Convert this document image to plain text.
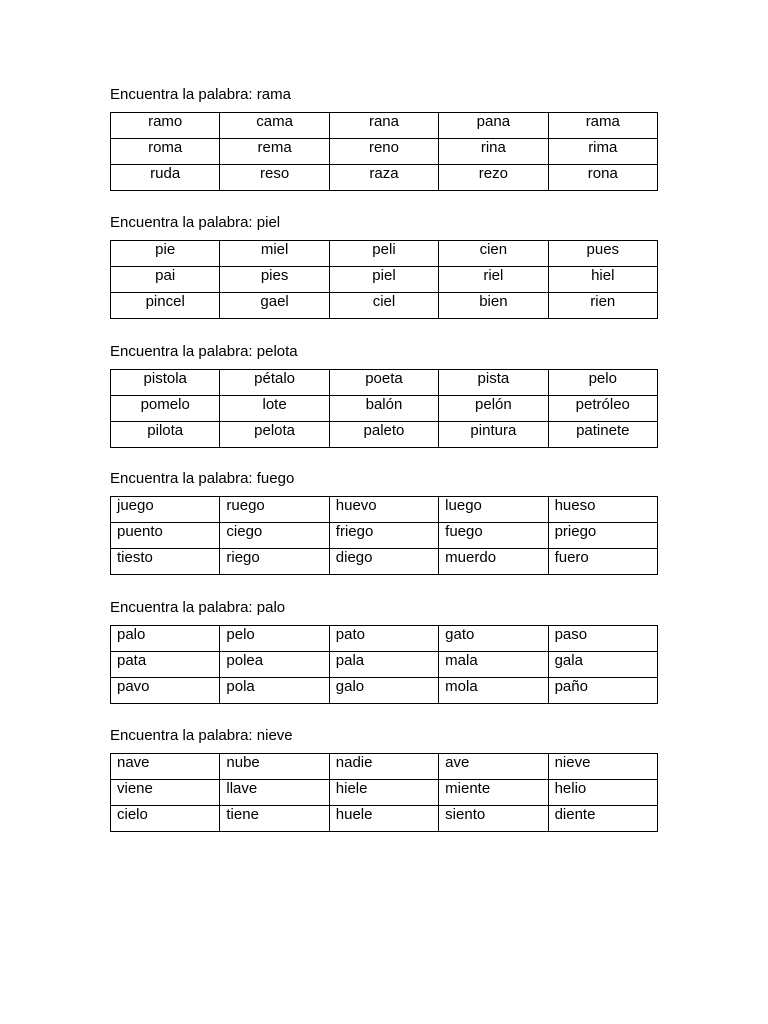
Encuentra la palabra: rama
ramo	cama	rana	pana	rama
roma	rema	reno	rina	rima
ruda	reso	raza	rezo	rona
Encuentra la palabra: piel
pie	miel	peli	cien	pues
pai	pies	piel	riel	hiel
pincel	gael	ciel	bien	rien
Encuentra la palabra: pelota
pistola	pétalo	poeta	pista	pelo
pomelo	lote	balón	pelón	petróleo
pilota	pelota	paleto	pintura	patinete
Encuentra la palabra: fuego
juego	ruego	huevo	luego	hueso
puento	ciego	friego	fuego	priego
tiesto	riego	diego	muerdo	fuero
Encuentra la palabra: palo
palo	pelo	pato	gato	paso
pata	polea	pala	mala	gala
pavo	pola	galo	mola	paño
Encuentra la palabra: nieve
nave	nube	nadie	ave	nieve
viene	llave	hiele	miente	helio
cielo	tiene	huele	siento	diente
